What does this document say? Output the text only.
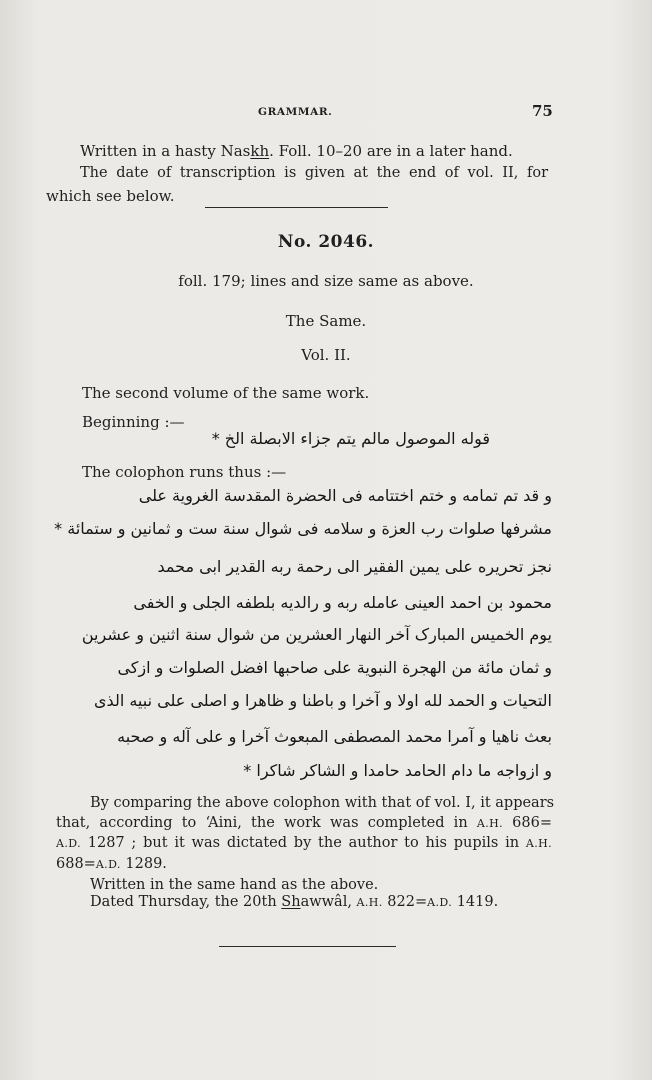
GRAMMAR.	75
Written in a hasty Naskh. Foll. 10–20 are in a later hand.
The date of transcription is given at the end of vol. II, for
which see below.
No. 2046.
foll. 179; lines and size same as above.
The Same.
Vol. II.
The second volume of the same work.
Beginning :—
قوله الموصول مالم يتم جزاء الابصلة الخ *
The colophon runs thus :—
و قد تم تمامه و ختم اختتامه فی الحضرة المقدسة الغروية علی
مشرفها صلوات رب العزة و سلامه فی شوال سنة ست و ثمانین و ستمائة *
نجز تحریره علی یمین الفقیر الی رحمة ربه القدیر ابی محمد
محمود بن احمد العینی عامله ربه و رالدیه بلطفه الجلی و الخفی
یوم الخمیس المبارک آخر النهار العشرین من شوال سنة اثنین و عشرین
و ثمان مائة من الهجرة النبویة علی صاحبها افضل الصلوات و ازکی
التحیات و الحمد لله اولا و آخرا و باطنا و ظاهرا و اصلی علی نبیه الذی
بعث ناهیا و آمرا محمد المصطفی المبعوث آخرا و علی آله و صحبه
و ازواجه ما دام الحامد حامدا و الشاکر شاکرا *
By comparing the above colophon with that of vol. I, it appears
that, according to ‘Aini, the work was completed in A.H. 686=
A.D. 1287 ; but it was dictated by the author to his pupils in A.H.
688=A.D. 1289.
Written in the same hand as the above.
Dated Thursday, the 20th Shawwâl, A.H. 822=A.D. 1419.
